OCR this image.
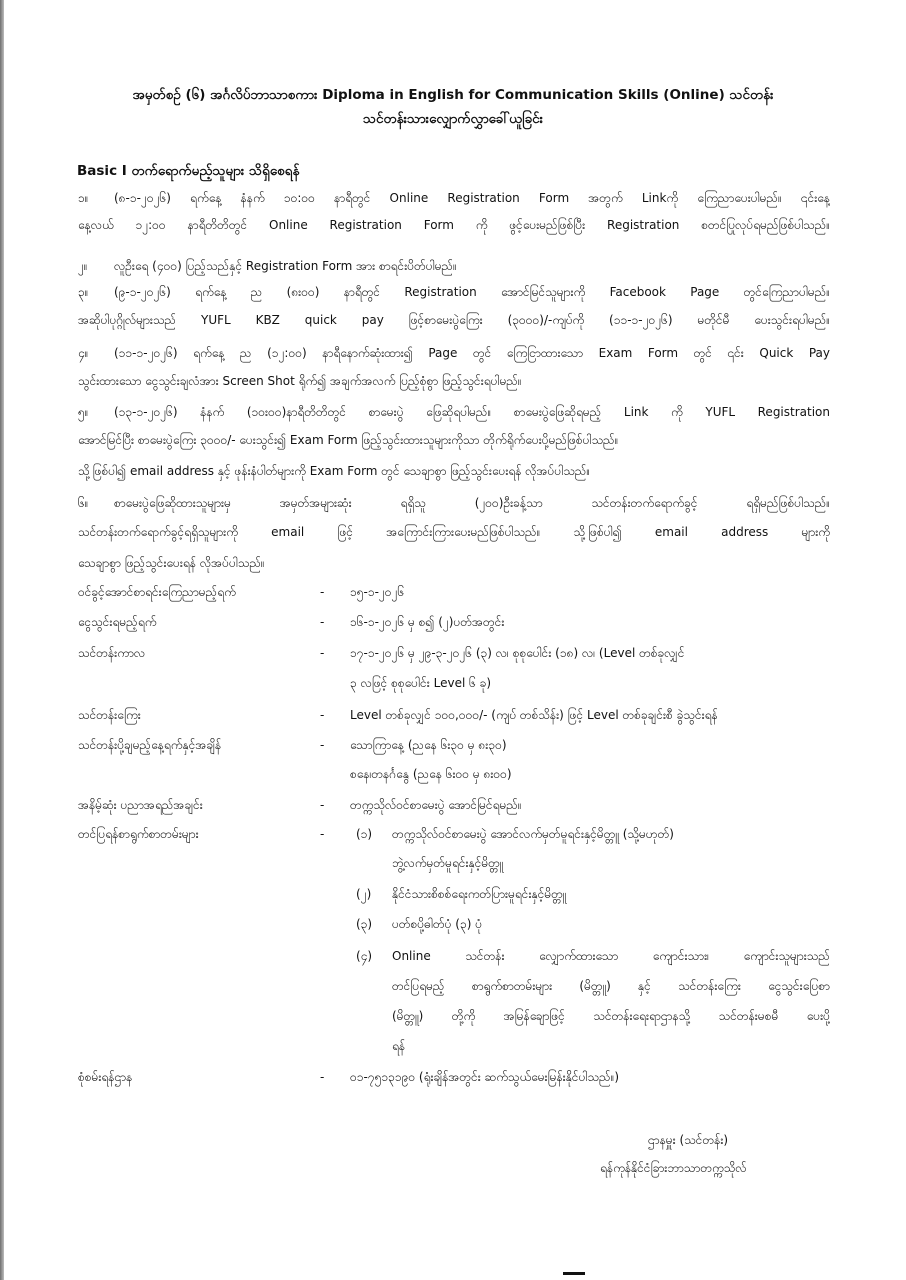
အမှတ်စဉ် (၆) အင်္ဂလိပ်ဘာသာစကား Diploma in English for Communication Skills (Online) သင်တန်း
သင်တန်းသားလျှောက်လွှာခေါ်ယူခြင်း
Basic I တက်ရောက်မည့်သူများ သိရှိစေရန်
၁။ (၈-၁-၂၀၂၆) ရက်နေ့ နံနက် ၁၀:၀၀ နာရီတွင် Online Registration Form အတွက် Linkကို ကြေညာပေးပါမည်။ ၎င်းနေ့
နေ့လယ် ၁၂:၀၀ နာရီတိတိတွင် Online Registration Form ကို ဖွင့်ပေးမည်ဖြစ်ပြီး Registration စတင်ပြုလုပ်ရမည်ဖြစ်ပါသည်။
၂။ လူဦးရေ (၄၀၀) ပြည့်သည်နှင့် Registration Form အား စာရင်းပိတ်ပါမည်။
၃။ (၉-၁-၂၀၂၆) ရက်နေ့ ည (၈း၀၀) နာရီတွင် Registration အောင်မြင်သူများကို Facebook Page တွင်ကြေညာပါမည်။
အဆိုပါပုဂ္ဂိုလ်များသည် YUFL KBZ quick pay ဖြင့်စာမေးပွဲကြေး (၃၀၀၀)/-ကျပ်ကို (၁၁-၁-၂၀၂၆) မတိုင်မီ ပေးသွင်းရပါမည်။
၄။ (၁၁-၁-၂၀၂၆) ရက်နေ့ ည (၁၂:၀၀) နာရီနောက်ဆုံးထား၍ Page တွင် ကြေငြာထားသော Exam Form တွင် ၎င်း Quick Pay
သွင်းထားသော ငွေသွင်းချလံအား Screen Shot ရိုက်၍ အချက်အလက် ပြည့်စုံစွာ ဖြည့်သွင်းရပါမည်။
၅။ (၁၃-၁-၂၀၂၆) နံနက် (၁၀း၀၀)နာရီတိတိတွင် စာမေးပွဲ ဖြေဆိုရပါမည်။ စာမေးပွဲဖြေဆိုရမည့် Link ကို YUFL Registration
အောင်မြင်ပြီး စာမေးပွဲကြေး ၃၀၀၀/- ပေးသွင်း၍ Exam Form ဖြည့်သွင်းထားသူများကိုသာ တိုက်ရိုက်ပေးပို့မည်ဖြစ်ပါသည်။
သို့ဖြစ်ပါ၍ email address နှင့် ဖုန်းနံပါတ်များကို Exam Form တွင် သေချာစွာ ဖြည့်သွင်းပေးရန် လိုအပ်ပါသည်။
၆။ စာမေးပွဲဖြေဆိုထားသူများမှ အမှတ်အများဆုံး ရရှိသူ (၂၀၀)ဦးခန့်သာ သင်တန်းတက်ရောက်ခွင့် ရရှိမည်ဖြစ်ပါသည်။
သင်တန်းတက်ရောက်ခွင့်ရရှိသူများကို email ဖြင့် အကြောင်းကြားပေးမည်ဖြစ်ပါသည်။ သို့ဖြစ်ပါ၍ email address များကို
သေချာစွာ ဖြည့်သွင်းပေးရန် လိုအပ်ပါသည်။
ဝင်ခွင့်အောင်စာရင်းကြေညာမည့်ရက်	-	၁၅-၁-၂၀၂၆
ငွေသွင်းရမည့်ရက်	-	၁၆-၁-၂၀၂၆ မှ စ၍ (၂)ပတ်အတွင်း
သင်တန်းကာလ	-	၁၇-၁-၂၀၂၆ မှ ၂၉-၃-၂၀၂၆ (၃) လ၊ စုစုပေါင်း (၁၈) လ၊ (Level တစ်ခုလျှင်
၃ လဖြင့် စုစုပေါင်း Level ၆ ခု)
သင်တန်းကြေး	-	Level တစ်ခုလျှင် ၁၀၀,၀၀၀/- (ကျပ် တစ်သိန်း) ဖြင့် Level တစ်ခုချင်းစီ ခွဲသွင်းရန်
သင်တန်းပို့ချမည့်နေ့ရက်နှင့်အချိန်	-	သောကြာနေ့ (ညနေ ၆း၃၀ မှ ၈း၃၀)
စနေ၊တနင်္ဂနွေ (ညနေ ၆း၀၀ မှ ၈း၀၀)
အနိမ့်ဆုံး ပညာအရည်အချင်း	-	တက္ကသိုလ်ဝင်စာမေးပွဲ အောင်မြင်ရမည်။
တင်ပြရန်စာရွက်စာတမ်းများ	-	(၁)	တက္ကသိုလ်ဝင်စာမေးပွဲ အောင်လက်မှတ်မူရင်းနှင့်မိတ္တူ (သို့မဟုတ်)
ဘွဲ့လက်မှတ်မူရင်းနှင့်မိတ္တူ
(၂)	နိုင်ငံသားစိစစ်ရေးကတ်ပြားမူရင်းနှင့်မိတ္တူ
(၃)	ပတ်စပို့ဓါတ်ပုံ (၃) ပုံ
(၄)	Online သင်တန်း လျှောက်ထားသော ကျောင်းသား၊ ကျောင်းသူများသည်
တင်ပြရမည့် စာရွက်စာတမ်းများ (မိတ္တူ) နှင့် သင်တန်းကြေး ငွေသွင်းပြေစာ
(မိတ္တူ) တို့ကို အမြန်ချောဖြင့် သင်တန်းရေးရာဌာနသို့ သင်တန်းမစမီ ပေးပို့
ရန်
စုံစမ်းရန်ဌာန	-	၀၁-၇၅၁၃၁၉၀ (ရုံးချိန်အတွင်း ဆက်သွယ်မေးမြန်းနိုင်ပါသည်။)
ဌာနမှူး (သင်တန်း)
ရန်ကုန်နိုင်ငံခြားဘာသာတက္ကသိုလ်
